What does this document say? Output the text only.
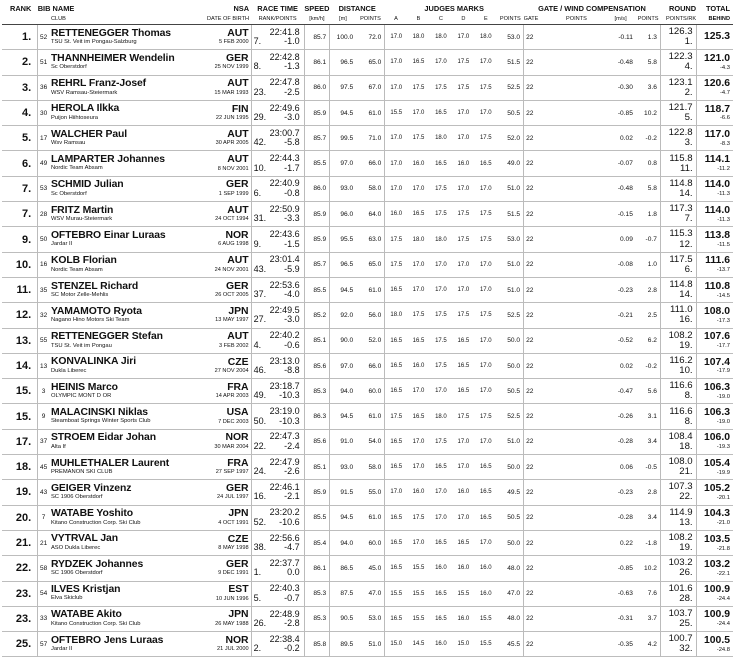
RANK	BIB NAME		NSA	RACE TIME	SPEED	DISTANCE		JUDGES MARKS						GATE / WIND COMPENSATION			ROUND	TOTAL
		CLUB	DATE OF BIRTH	RANK/POINTS	[km/h]	[m]	POINTS	A	B	C	D	E	POINTS	GATE POINTS	[m/s]	POINTS	POINTS/RK	BEHIND
1.	52	RETTENEGGER Thomas
TSU St. Veit im Pongau-Salzburg	AUT
5 FEB 2000	22:41.8
7. -1.0	85.7	100.0	72.0	17.0	18.0	18.0	17.0	18.0	53.0	22	-0.11	1.3	126.3
1.	125.3

2.	51	THANNHEIMER Wendelin
Sc Oberstdorf	GER
25 NOV 1999	22:42.8
8. -1.3	86.1	96.5	65.0	17.0	16.5	17.0	17.5	17.0	51.5	22	-0.48	5.8	122.3
4.	121.0
-4.3

3.	36	REHRL Franz-Josef
WSV Ramsau-Steiermark	AUT
15 MAR 1993	22:47.8
23. -2.5	86.0	97.5	67.0	17.0	17.5	17.5	17.5	17.5	52.5	22	-0.30	3.6	123.1
2.	120.6
-4.7

4.	30	HEROLA Ilkka
Puijon Hiihtoseura	FIN
22 JUN 1995	22:49.6
29. -3.0	85.9	94.5	61.0	15.5	17.0	16.5	17.0	17.0	50.5	22	-0.85	10.2	121.7
5.	118.7
-6.6

5.	17	WALCHER Paul
Wsv Ramsau	AUT
30 APR 2005	23:00.7
42. -5.8	85.7	99.5	71.0	17.0	17.5	18.0	17.0	17.5	52.0	22	0.02	-0.2	122.8
3.	117.0
-8.3

6.	49	LAMPARTER Johannes
Nordic Team Absam	AUT
8 NOV 2001	22:44.3
10. -1.7	85.5	97.0	66.0	17.0	16.0	16.5	16.0	16.5	49.0	22	-0.07	0.8	115.8
11.	114.1
-11.2

7.	53	SCHMID Julian
Sc Oberstdorf	GER
1 SEP 1999	22:40.9
6. -0.8	86.0	93.0	58.0	17.0	17.0	17.5	17.0	17.0	51.0	22	-0.48	5.8	114.8
14.	114.0
-11.3

7.	28	FRITZ Martin
WSV Murau-Steiermark	AUT
24 OCT 1994	22:50.9
31. -3.3	85.9	96.0	64.0	16.0	16.5	17.5	17.5	17.5	51.5	22	-0.15	1.8	117.3
7.	114.0
-11.3

9.	50	OFTEBRO Einar Luraas
Jardar II	NOR
6 AUG 1998	22:43.6
9. -1.5	85.9	95.5	63.0	17.5	18.0	18.0	17.5	17.5	53.0	22	0.09	-0.7	115.3
12.	113.8
-11.5

10.	16	KOLB Florian
Nordic Team Absam	AUT
24 NOV 2001	23:01.4
43. -5.9	85.7	96.5	65.0	17.5	17.0	17.0	17.0	17.0	51.0	22	-0.08	1.0	117.5
6.	111.6
-13.7

11.	35	STENZEL Richard
SC Motor Zelle-Mehlis	GER
26 OCT 2005	22:53.6
37. -4.0	85.5	94.5	61.0	16.5	17.0	17.0	17.0	17.0	51.0	22	-0.23	2.8	114.8
14.	110.8
-14.5

12.	32	YAMAMOTO Ryota
Nagano Hino Motors Ski Team	JPN
13 MAY 1997	22:49.5
27. -3.0	85.2	92.0	56.0	18.0	17.5	17.5	17.5	17.5	52.5	22	-0.21	2.5	111.0
16.	108.0
-17.3

13.	55	RETTENEGGER Stefan
TSU St. Veit im Pongau	AUT
3 FEB 2002	22:40.2
4. -0.6	85.1	90.0	52.0	16.5	16.5	17.5	16.5	17.0	50.0	22	-0.52	6.2	108.2
19.	107.6
-17.7

14.	13	KONVALINKA Jiri
Dukla Liberec	CZE
27 NOV 2004	23:13.0
46. -8.8	85.6	97.0	66.0	16.5	16.0	17.5	16.5	17.0	50.0	22	0.02	-0.2	116.2
10.	107.4
-17.9

15.	3	HEINIS Marco
OLYMPIC MONT D OR	FRA
14 APR 2003	23:18.7
49. -10.3	85.3	94.0	60.0	16.5	17.0	17.0	16.5	17.0	50.5	22	-0.47	5.6	116.6
8.	106.3
-19.0

15.	9	MALACINSKI Niklas
Steamboat Springs Winter Sports Club	USA
7 DEC 2003	23:19.0
50. -10.3	86.3	94.5	61.0	17.5	16.5	18.0	17.5	17.5	52.5	22	-0.26	3.1	116.6
8.	106.3
-19.0

17.	37	STROEM Eidar Johan
Alta If	NOR
30 MAR 2004	22:47.3
22. -2.4	85.6	91.0	54.0	16.5	17.0	17.5	17.0	17.0	51.0	22	-0.28	3.4	108.4
18.	106.0
-19.3

18.	45	MUHLETHALER Laurent
PREMANON SKI CLUB	FRA
27 SEP 1997	22:47.9
24. -2.6	85.1	93.0	58.0	16.5	17.0	16.5	17.0	16.5	50.0	22	0.06	-0.5	108.0
21.	105.4
-19.9

19.	43	GEIGER Vinzenz
SC 1906 Oberstdorf	GER
24 JUL 1997	22:46.1
16. -2.1	85.9	91.5	55.0	17.0	16.0	17.0	16.0	16.5	49.5	22	-0.23	2.8	107.3
22.	105.2
-20.1

20.	7	WATABE Yoshito
Kitano Construction Corp. Ski Club	JPN
4 OCT 1991	23:20.2
52. -10.6	85.5	94.5	61.0	16.5	17.5	17.0	17.0	16.5	50.5	22	-0.28	3.4	114.9
13.	104.3
-21.0

21.	21	VYTRVAL Jan
ASO Dukla Liberec	CZE
8 MAY 1998	22:56.6
38. -4.7	85.4	94.0	60.0	16.5	17.0	16.5	16.5	17.0	50.0	22	0.22	-1.8	108.2
19.	103.5
-21.8

22.	58	RYDZEK Johannes
SC 1906 Oberstdorf	GER
9 DEC 1991	22:37.7
1. 0.0	86.1	86.5	45.0	16.5	15.5	16.0	16.0	16.0	48.0	22	-0.85	10.2	103.2
26.	103.2
-22.1

23.	54	ILVES Kristjan
Elva Skiclub	EST
10 JUN 1996	22:40.3
5. -0.7	85.3	87.5	47.0	15.5	15.5	16.5	15.5	16.0	47.0	22	-0.63	7.6	101.6
28.	100.9
-24.4

23.	33	WATABE Akito
Kitano Construction Corp. Ski Club	JPN
26 MAY 1988	22:48.9
26. -2.8	85.3	90.5	53.0	16.5	15.5	16.5	16.0	15.5	48.0	22	-0.31	3.7	103.7
25.	100.9
-24.4

25.	57	OFTEBRO Jens Luraas
Jardar II	NOR
21 JUL 2000	22:38.4
2. -0.2	85.8	89.5	51.0	15.0	14.5	16.0	15.0	15.5	45.5	22	-0.35	4.2	100.7
32.	100.5
-24.8
